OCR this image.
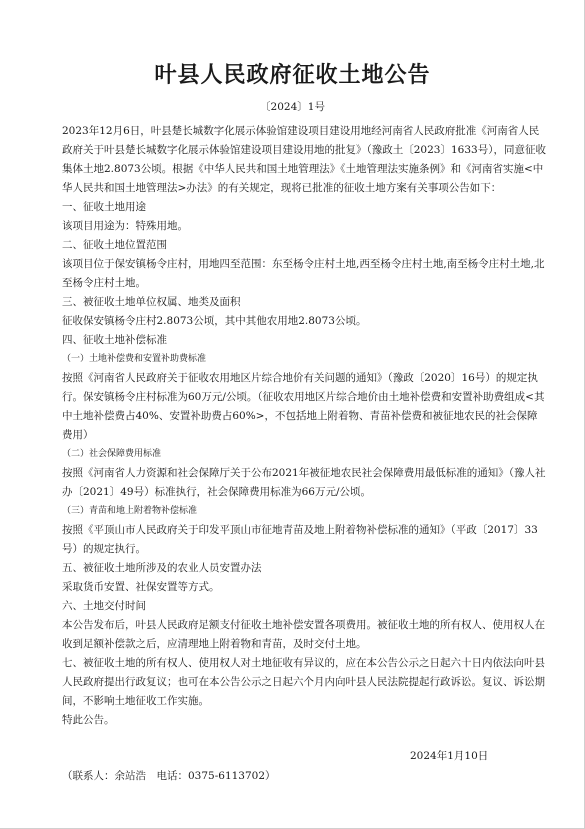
叶县人民政府征收土地公告
〔2024〕1号

2023年12月6日，叶县楚长城数字化展示体验馆建设项目建设用地经河南省人民政府批准《河南省人民政府关于叶县楚长城数字化展示体验馆建设项目建设用地的批复》（豫政土〔2023〕1633号），同意征收集体土地2.8073公顷。根据《中华人民共和国土地管理法》《土地管理法实施条例》和《河南省实施<中华人民共和国土地管理法>办法》的有关规定，现将已批准的征收土地方案有关事项公告如下：

一、征收土地用途

该项目用途为：特殊用地。

二、征收土地位置范围

该项目位于保安镇杨令庄村，用地四至范围：东至杨令庄村土地,西至杨令庄村土地,南至杨令庄村土地,北至杨令庄村土地。

三、被征收土地单位权属、地类及面积

征收保安镇杨令庄村2.8073公顷，其中其他农用地2.8073公顷。

四、征收土地补偿标准

（一）土地补偿费和安置补助费标准

按照《河南省人民政府关于征收农用地区片综合地价有关问题的通知》（豫政〔2020〕16号）的规定执行。保安镇杨令庄村标准为60万元/公顷。（征收农用地区片综合地价由土地补偿费和安置补助费组成<其中土地补偿费占40%、安置补助费占60%>，不包括地上附着物、青苗补偿费和被征地农民的社会保障费用）

（二）社会保障费用标准

按照《河南省人力资源和社会保障厅关于公布2021年被征地农民社会保障费用最低标准的通知》（豫人社办〔2021〕49号）标准执行，社会保障费用标准为66万元/公顷。

（三）青苗和地上附着物补偿标准

按照《平顶山市人民政府关于印发平顶山市征地青苗及地上附着物补偿标准的通知》（平政〔2017〕33号）的规定执行。

五、被征收土地所涉及的农业人员安置办法

采取货币安置、社保安置等方式。

六、土地交付时间

本公告发布后，叶县人民政府足额支付征收土地补偿安置各项费用。被征收土地的所有权人、使用权人在收到足额补偿款之后，应清理地上附着物和青苗，及时交付土地。

七、被征收土地的所有权人、使用权人对土地征收有异议的，应在本公告公示之日起六十日内依法向叶县人民政府提出行政复议；也可在本公告公示之日起六个月内向叶县人民法院提起行政诉讼。复议、诉讼期间，不影响土地征收工作实施。

特此公告。

2024年1月10日
（联系人：余站浩　电话：0375-6113702）
